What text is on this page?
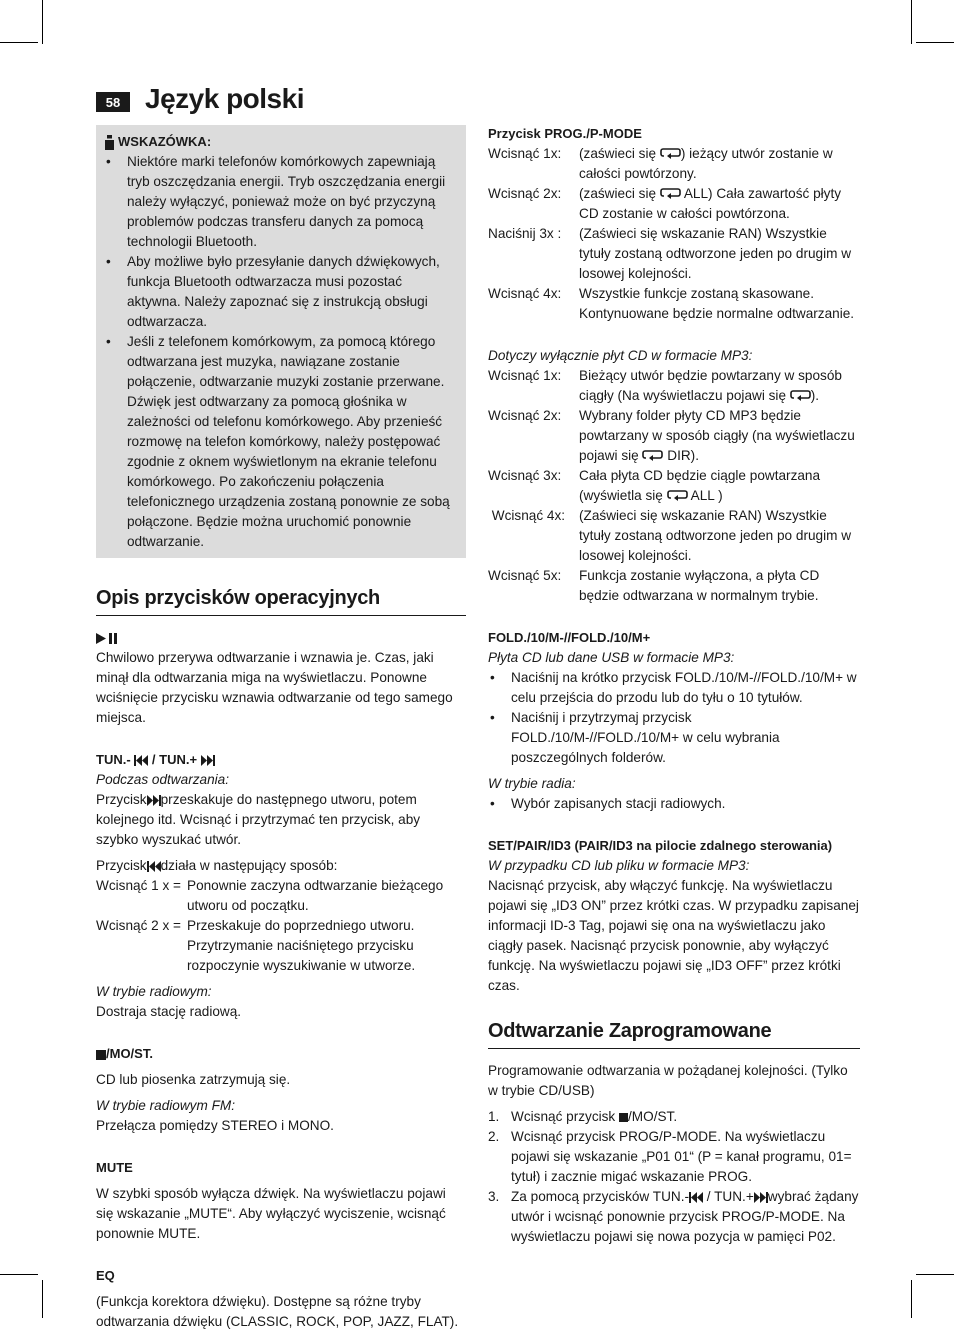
58 Język polski
WSKAZÓWKA:
• Niektóre marki telefonów komórkowych zapewniają tryb oszczędzania energii. Tryb oszczędzania energii należy wyłączyć, ponieważ może on być przyczyną problemów podczas transferu danych za pomocą technologii Bluetooth.
• Aby możliwe było przesyłanie danych dźwiękowych, funkcja Bluetooth odtwarzacza musi pozostać aktywna. Należy zapoznać się z instrukcją obsługi odtwarzacza.
• Jeśli z telefonem komórkowym, za pomocą którego odtwarzana jest muzyka, nawiązane zostanie połączenie, odtwarzanie muzyki zostanie przerwane. Dźwięk jest odtwarzany za pomocą głośnika w zależności od telefonu komórkowego. Aby przenieść rozmowę na telefon komórkowy, należy postępować zgodnie z oknem wyświetlonym na ekranie telefonu komórkowego. Po zakończeniu połączenia telefonicznego urządzenia zostaną ponownie ze sobą połączone. Będzie można uruchomić ponownie odtwarzanie.
Opis przycisków operacyjnych

Chwilowo przerywa odtwarzanie i wznawia je. Czas, jaki minął dla odtwarzania miga na wyświetlaczu. Ponowne wciśnięcie przycisku wznawia odtwarzanie od tego samego miejsca.

TUN.-  / TUN.+

Podczas odtwarzania:

Przycisk przeskakuje do następnego utworu, potem kolejnego itd. Wcisnąć i przytrzymać ten przycisk, aby szybko wyszukać utwór.

Przycisk działa w następujący sposób:

Wcisnąć 1 x = Ponownie zaczyna odtwarzanie bieżącego utworu od początku.
Wcisnąć 2 x = Przeskakuje do poprzedniego utworu. Przytrzymanie naciśniętego przycisku rozpoczynie wyszukiwanie w utworze.

W trybie radiowym:

Dostraja stację radiową.

/MO/ST.

CD lub piosenka zatrzymują się.

W trybie radiowym FM:

Przełącza pomiędzy STEREO i MONO.

MUTE

W szybki sposób wyłącza dźwięk. Na wyświetlaczu pojawi się wskazanie „MUTE“. Aby wyłączyć wyciszenie, wcisnąć ponownie MUTE.

EQ

(Funkcja korektora dźwięku). Dostępne są różne tryby odtwarzania dźwięku (CLASSIC, ROCK, POP, JAZZ, FLAT).

Przycisk PROG./P-MODE

Wcisnąć 1x:	(zaświeci się ) ieżący utwór zostanie w całości powtórzony.
Wcisnąć 2x:	(zaświeci się  ALL) Cała zawartość płyty CD zostanie w całości powtórzona.
Naciśnij 3x :	(Zaświeci się wskazanie RAN) Wszystkie tytuły zostaną odtworzone jeden po drugim w losowej kolejności.
Wcisnąć 4x:	Wszystkie funkcje zostaną skasowane. Kontynuowane będzie normalne odtwarzanie.

Dotyczy wyłącznie płyt CD w formacie MP3:

Wcisnąć 1x:	Bieżący utwór będzie powtarzany w sposób ciągły (Na wyświetlaczu pojawi się ).
Wcisnąć 2x:	Wybrany folder płyty CD MP3 będzie powtarzany w sposób ciągły (na wyświetlaczu pojawi się  DIR).
Wcisnąć 3x:	Cała płyta CD będzie ciągle powtarzana (wyświetla się  ALL )
Wcisnąć 4x:	(Zaświeci się wskazanie RAN) Wszystkie tytuły zostaną odtworzone jeden po drugim w losowej kolejności.
Wcisnąć 5x:	Funkcja zostanie wyłączona, a płyta CD będzie odtwarzana w normalnym trybie.

FOLD./10/M-//FOLD./10/M+

Płyta CD lub dane USB w formacie MP3:

• Naciśnij na krótko przycisk FOLD./10/M-//FOLD./10/M+ w celu przejścia do przodu lub do tyłu o 10 tytułów.
• Naciśnij i przytrzymaj przycisk FOLD./10/M-//FOLD./10/M+ w celu wybrania poszczególnych folderów.

W trybie radia:

• Wybór zapisanych stacji radiowych.

SET/PAIR/ID3 (PAIR/ID3 na pilocie zdalnego sterowania)

W przypadku CD lub pliku w formacie MP3:

Nacisnąć przycisk, aby włączyć funkcję. Na wyświetlaczu pojawi się „ID3 ON” przez krótki czas. W przypadku zapisanej informacji ID-3 Tag, pojawi się ona na wyświetlaczu jako ciągły pasek. Nacisnąć przycisk ponownie, aby wyłączyć funkcję. Na wyświetlaczu pojawi się „ID3 OFF” przez krótki czas.

Odtwarzanie Zaprogramowane

Programowanie odtwarzania w pożądanej kolejności. (Tylko w trybie CD/USB)

1. Wcisnąć przycisk /MO/ST.
2. Wcisnąć przycisk PROG/P-MODE. Na wyświetlaczu pojawi się wskazanie „P01 01“ (P = kanał programu, 01= tytuł) i zacznie migać wskazanie PROG.
3. Za pomocą przycisków TUN.- / TUN.+ wybrać żądany utwór i wcisnąć ponownie przycisk PROG/P-MODE. Na wyświetlaczu pojawi się nowa pozycja w pamięci P02.
